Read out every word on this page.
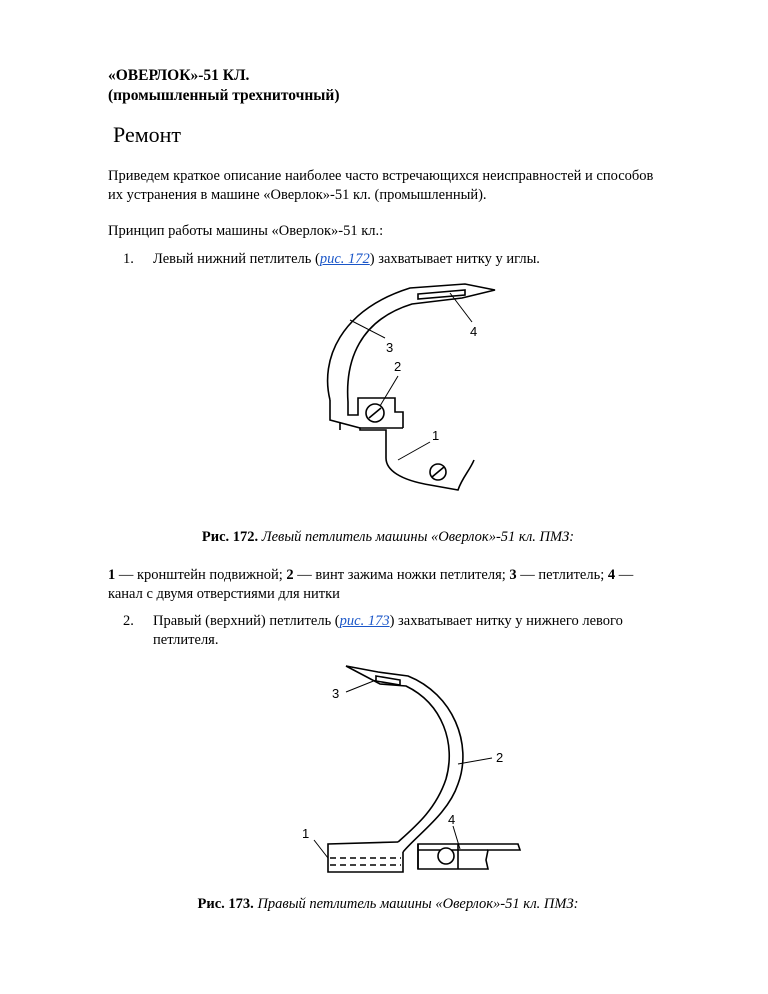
«ОВЕРЛОК»-51 КЛ.
(промышленный трехниточный)
Ремонт
Приведем краткое описание наиболее часто встречающихся неисправностей и способов
их устранения в машине «Оверлок»-51 кл. (промышленный).
Принцип работы машины «Оверлок»-51 кл.:
1. Левый нижний петлитель (рис. 172) захватывает нитку у иглы.
4
3
2
1
Рис. 172. Левый петлитель машины «Оверлок»-51 кл. ПМЗ:
1 — кронштейн подвижной; 2 — винт зажима ножки петлителя; 3 — петлитель; 4 —
канал с двумя отверстиями для нитки
2. Правый (верхний) петлитель (рис. 173) захватывает нитку у нижнего левого
петлителя.
3
2
4
1
Рис. 173. Правый петлитель машины «Оверлок»-51 кл. ПМЗ:
